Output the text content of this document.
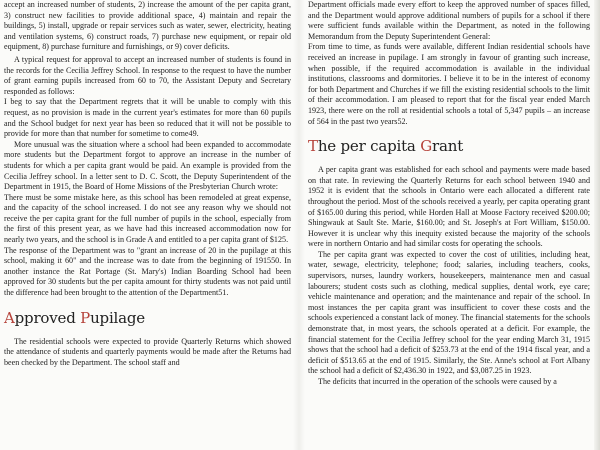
accept an increased number of students, 2) increase the amount of the per capita grant, 3) construct new facilities to provide additional space, 4) maintain and repair the buildings, 5) install, upgrade or repair services such as water, sewer, electricity, heating and ventilation systems, 6) construct roads, 7) purchase new equipment, or repair old equipment, 8) purchase furniture and furnishings, or 9) cover deficits.

A typical request for approval to accept an increased number of students is found in the records for the Cecilia Jeffrey School. In response to the request to have the number of grant earning pupils increased from 60 to 70, the Assistant Deputy and Secretary responded as follows:

I beg to say that the Department regrets that it will be unable to comply with this request, as no provision is made in the current year's estimates for more than 60 pupils and the School budget for next year has been so reduced that it will not be possible to provide for more than that number for sometime to come49.

More unusual was the situation where a school had been expanded to accommodate more students but the Department forgot to approve an increase in the number of students for which a per capita grant would be paid. An example is provided from the Cecilia Jeffrey school. In a letter sent to D. C. Scott, the Deputy Superintendent of the Department in 1915, the Board of Home Missions of the Presbyterian Church wrote:

There must be some mistake here, as this school has been remodeled at great expense, and the capacity of the school increased. I do not see any reason why we should not receive the per capita grant for the full number of pupils in the school, especially from the first of this present year, as we have had this increased accommodation now for nearly two years, and the school is in Grade A and entitled to a per capita grant of $125.

The response of the Department was to "grant an increase of 20 in the pupilage at this school, making it 60" and the increase was to date from the beginning of 191550. In another instance the Rat Portage (St. Mary's) Indian Boarding School had been approved for 30 students but the per capita amount for thirty students was not paid until the difference had been brought to the attention of the Department51.

Approved Pupilage

The residential schools were expected to provide Quarterly Returns which showed the attendance of students and quarterly payments would be made after the Returns had been checked by the Department. The school staff and

Department officials made every effort to keep the approved number of spaces filled, and the Department would approve additional numbers of pupils for a school if there were sufficient funds available within the Department, as noted in the following Memorandum from the Deputy Superintendent General:

From time to time, as funds were available, different Indian residential schools have received an increase in pupilage. I am strongly in favour of granting such increase, when possible, if the required accommodation is available in the individual institutions, classrooms and dormitories. I believe it to be in the interest of economy for both Department and Churches if we fill the existing residential schools to the limit of their accommodation. I am pleased to report that for the fiscal year ended March 1923, there were on the roll at residential schools a total of 5,347 pupils – an increase of 564 in the past two years52.

The per capita Grant

A per capita grant was established for each school and payments were made based on that rate. In reviewing the Quarterly Returns for each school between 1940 and 1952 it is evident that the schools in Ontario were each allocated a different rate throughout the period. Most of the schools received a yearly, per capita operating grant of $165.00 during this period, while Horden Hall at Moose Factory received $200.00; Shingwauk at Sault Ste. Marie, $160.00; and St. Joseph's at Fort William, $150.00. However it is unclear why this inequity existed because the majority of the schools were in northern Ontario and had similar costs for operating the schools.

The per capita grant was expected to cover the cost of utilities, including heat, water, sewage, electricity, telephone; food; salaries, including teachers, cooks, supervisors, nurses, laundry workers, housekeepers, maintenance men and casual labourers; student costs such as clothing, medical supplies, dental work, eye care; vehicle maintenance and operation; and the maintenance and repair of the school. In most instances the per capita grant was insufficient to cover these costs and the schools experienced a constant lack of money. The financial statements for the schools demonstrate that, in most years, the schools operated at a deficit. For example, the financial statement for the Cecilia Jeffrey school for the year ending March 31, 1915 shows that the school had a deficit of $253.73 at the end of the 1914 fiscal year, and a deficit of $513.65 at the end of 1915. Similarly, the Ste. Anne's school at Fort Albany the school had a deficit of $2,436.30 in 1922, and $3,087.25 in 1923.

The deficits that incurred in the operation of the schools were caused by a
